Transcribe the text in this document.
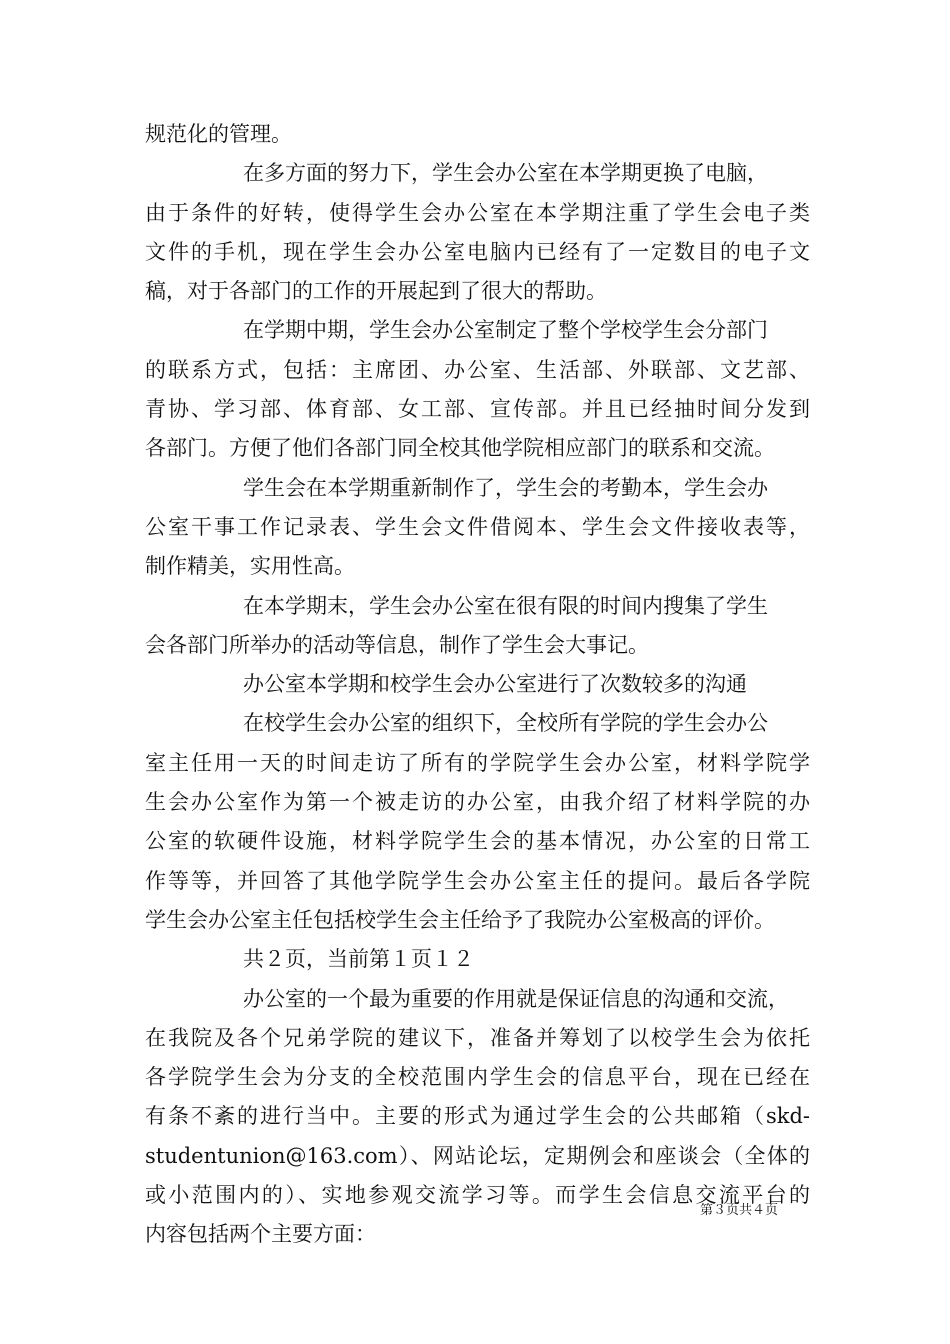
规范化的管理。
在多方面的努力下，学生会办公室在本学期更换了电脑，
由于条件的好转，使得学生会办公室在本学期注重了学生会电子类
文件的手机，现在学生会办公室电脑内已经有了一定数目的电子文
稿，对于各部门的工作的开展起到了很大的帮助。
在学期中期，学生会办公室制定了整个学校学生会分部门
的联系方式，包括：主席团、办公室、生活部、外联部、文艺部、
青协、学习部、体育部、女工部、宣传部。并且已经抽时间分发到
各部门。方便了他们各部门同全校其他学院相应部门的联系和交流。
学生会在本学期重新制作了，学生会的考勤本，学生会办
公室干事工作记录表、学生会文件借阅本、学生会文件接收表等，
制作精美，实用性高。
在本学期末，学生会办公室在很有限的时间内搜集了学生
会各部门所举办的活动等信息，制作了学生会大事记。
办公室本学期和校学生会办公室进行了次数较多的沟通
在校学生会办公室的组织下，全校所有学院的学生会办公
室主任用一天的时间走访了所有的学院学生会办公室，材料学院学
生会办公室作为第一个被走访的办公室，由我介绍了材料学院的办
公室的软硬件设施，材料学院学生会的基本情况，办公室的日常工
作等等，并回答了其他学院学生会办公室主任的提问。最后各学院
学生会办公室主任包括校学生会主任给予了我院办公室极高的评价。
共２页，当前第１页１２
办公室的一个最为重要的作用就是保证信息的沟通和交流，
在我院及各个兄弟学院的建议下，准备并筹划了以校学生会为依托
各学院学生会为分支的全校范围内学生会的信息平台，现在已经在
有条不紊的进行当中。主要的形式为通过学生会的公共邮箱（skd-
studentunion@163.com）、网站论坛，定期例会和座谈会（全体的
或小范围内的）、实地参观交流学习等。而学生会信息交流平台的
内容包括两个主要方面：
第３页共４页
